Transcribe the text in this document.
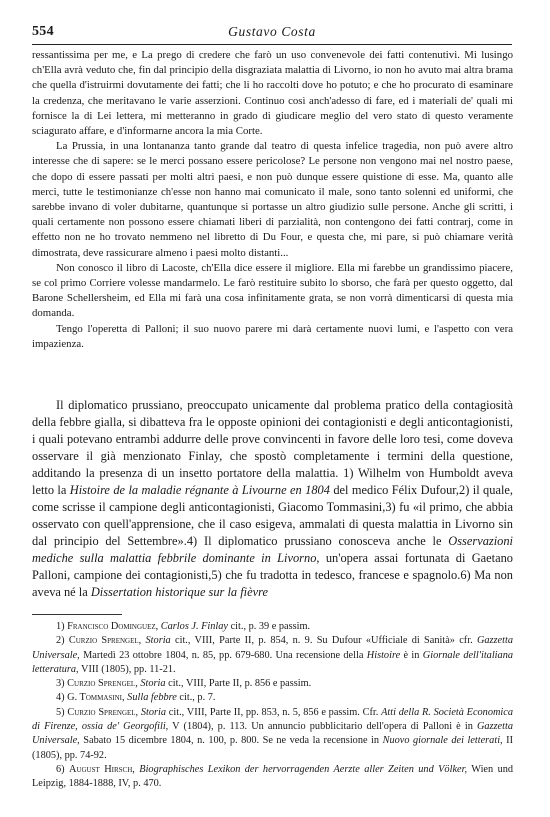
554	Gustavo Costa

ressantissima per me, e La prego di credere che farò un uso convenevole dei fatti contenutivi. Mi lusingo ch'Ella avrà veduto che, fin dal principio della disgraziata malattia di Livorno, io non ho avuto mai altra brama che quella d'istruirmi dovutamente dei fatti; che li ho raccolti dove ho potuto; e che ho procurato di esaminare la credenza, che meritavano le varie asserzioni. Continuo così anch'adesso di fare, ed i materiali de' quali mi fornisce la di Lei lettera, mi metteranno in grado di giudicare meglio del vero stato di questo veramente sciagurato affare, e d'informarne ancora la mia Corte.

La Prussia, in una lontananza tanto grande dal teatro di questa infelice tragedia, non può avere altro interesse che di sapere: se le merci possano essere pericolose? Le persone non vengono mai nel nostro paese, che dopo di essere passati per molti altri paesi, e non può dunque essere quistione di esse. Ma, quanto alle merci, tutte le testimonianze ch'esse non hanno mai comunicato il male, sono tanto solenni ed uniformi, che sarebbe invano di voler dubitarne, quantunque si portasse un altro giudizio sulle persone. Anche gli scritti, i quali certamente non possono essere chiamati liberi di parzialità, non contengono dei fatti contrarj, come in effetto non ne ho trovato nemmeno nel libretto di Du Four, e questa che, mi pare, si può chiamare verità dimostrata, deve rassicurare almeno i paesi molto distanti...

Non conosco il libro di Lacoste, ch'Ella dice essere il migliore. Ella mi farebbe un grandissimo piacere, se col primo Corriere volesse mandarmelo. Le farò restituire subito lo sborso, che farà per questo oggetto, dal Barone Schellersheim, ed Ella mi farà una cosa infinitamente grata, se non vorrà dimenticarsi di questa mia domanda.

Tengo l'operetta di Palloni; il suo nuovo parere mi darà certamente nuovi lumi, e l'aspetto con vera impazienza.

Il diplomatico prussiano, preoccupato unicamente dal problema pratico della contagiosità della febbre gialla, si dibatteva fra le opposte opinioni dei contagionisti e degli anticontagionisti, i quali potevano entrambi addurre delle prove convincenti in favore delle loro tesi, come doveva osservare il già menzionato Finlay, che spostò completamente i termini della questione, additando la presenza di un insetto portatore della malattia. 1) Wilhelm von Humboldt aveva letto la Histoire de la maladie régnante à Livourne en 1804 del medico Félix Dufour,2) il quale, come scrisse il campione degli anticontagionisti, Giacomo Tommasini,3) fu «il primo, che abbia osservato con quell'apprensione, che il caso esigeva, ammalati di questa malattia in Livorno sin dal principio del Settembre».4) Il diplomatico prussiano conosceva anche le Osservazioni mediche sulla malattia febbrile dominante in Livorno, un'opera assai fortunata di Gaetano Palloni, campione dei contagionisti,5) che fu tradotta in tedesco, francese e spagnolo.6) Ma non aveva né la Dissertation historique sur la fièvre

1) Francisco Dominguez, Carlos J. Finlay cit., p. 39 e passim.

2) Curzio Sprengel, Storia cit., VIII, Parte II, p. 854, n. 9. Su Dufour «Ufficiale di Sanità» cfr. Gazzetta Universale, Martedì 23 ottobre 1804, n. 85, pp. 679-680. Una recensione della Histoire è in Giornale dell'italiana letteratura, VIII (1805), pp. 11-21.

3) Curzio Sprengel, Storia cit., VIII, Parte II, p. 856 e passim.

4) G. Tommasini, Sulla febbre cit., p. 7.

5) Curzio Sprengel, Storia cit., VIII, Parte II, pp. 853, n. 5, 856 e passim. Cfr. Atti della R. Società Economica di Firenze, ossia de' Georgofili, V (1804), p. 113. Un annuncio pubblicitario dell'opera di Palloni è in Gazzetta Universale, Sabato 15 dicembre 1804, n. 100, p. 800. Se ne veda la recensione in Nuovo giornale dei letterati, II (1805), pp. 74-92.

6) August Hirsch, Biographisches Lexikon der hervorragenden Aerzte aller Zeiten und Völker, Wien und Leipzig, 1884-1888, IV, p. 470.
